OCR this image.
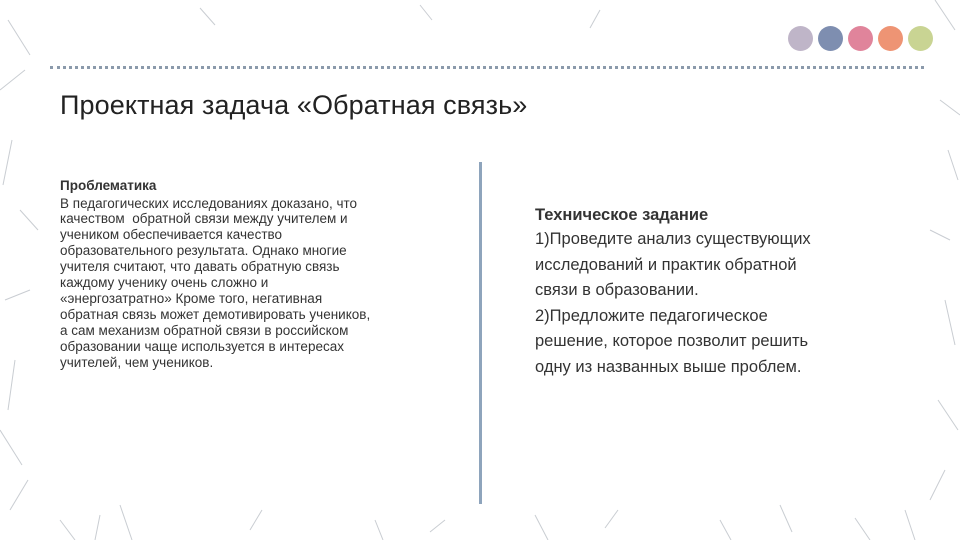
Проектная задача «Обратная связь»
Проблематика
В педагогических исследованиях доказано, что
качеством  обратной связи между учителем и
учеником обеспечивается качество
образовательного результата. Однако многие
учителя считают, что давать обратную связь
каждому ученику очень сложно и
«энергозатратно» Кроме того, негативная
обратная связь может демотивировать учеников,
а сам механизм обратной связи в российском
образовании чаще используется в интересах
учителей, чем учеников.
Техническое задание

1)Проведите анализ существующих

исследований и практик обратной

связи в образовании.

2)Предложите педагогическое

решение, которое позволит решить

одну из названных выше проблем.
